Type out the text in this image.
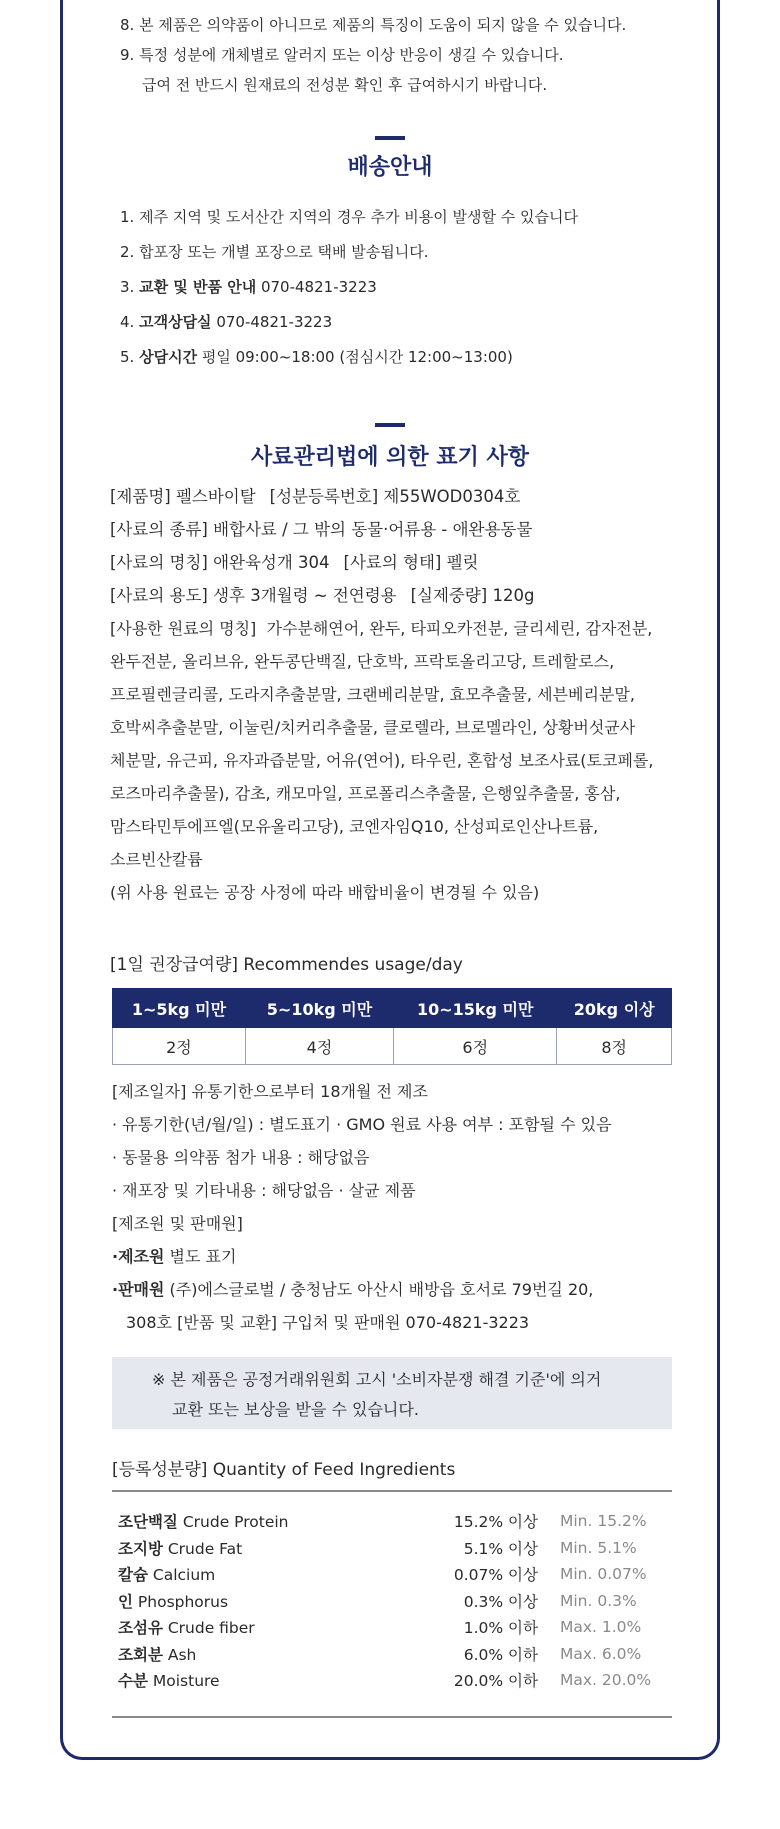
8. 본 제품은 의약품이 아니므로 제품의 특징이 도움이 되지 않을 수 있습니다.
9. 특정 성분에 개체별로 알러지 또는 이상 반응이 생길 수 있습니다.
급여 전 반드시 원재료의 전성분 확인 후 급여하시기 바랍니다.
배송안내
1. 제주 지역 및 도서산간 지역의 경우 추가 비용이 발생할 수 있습니다
2. 합포장 또는 개별 포장으로 택배 발송됩니다.
3. 교환 및 반품 안내 070-4821-3223
4. 고객상담실 070-4821-3223
5. 상담시간 평일 09:00~18:00 (점심시간 12:00~13:00)
사료관리법에 의한 표기 사항
[제품명] 펠스바이탈 [성분등록번호] 제55WOD0304호
[사료의 종류] 배합사료 / 그 밖의 동물·어류용 - 애완용동물
[사료의 명칭] 애완육성개 304 [사료의 형태] 펠릿
[사료의 용도] 생후 3개월령 ~ 전연령용 [실제중량] 120g
[사용한 원료의 명칭] 가수분해연어, 완두, 타피오카전분, 글리세린, 감자전분,
완두전분, 올리브유, 완두콩단백질, 단호박, 프락토올리고당, 트레할로스,
프로필렌글리콜, 도라지추출분말, 크랜베리분말, 효모추출물, 세븐베리분말,
호박씨추출분말, 이눌린/치커리추출물, 클로렐라, 브로멜라인, 상황버섯균사
체분말, 유근피, 유자과즙분말, 어유(연어), 타우린, 혼합성 보조사료(토코페롤,
로즈마리추출물), 감초, 캐모마일, 프로폴리스추출물, 은행잎추출물, 홍삼,
맘스타민투에프엘(모유올리고당), 코엔자임Q10, 산성피로인산나트륨,
소르빈산칼륨
(위 사용 원료는 공장 사정에 따라 배합비율이 변경될 수 있음)
[1일 권장급여량] Recommendes usage/day
1~5kg 미만	5~10kg 미만	10~15kg 미만	20kg 이상
2정	4정	6정	8정
[제조일자] 유통기한으로부터 18개월 전 제조
· 유통기한(년/월/일) : 별도표기 · GMO 원료 사용 여부 : 포함될 수 있음
· 동물용 의약품 첨가 내용 : 해당없음
· 재포장 및 기타내용 : 해당없음 · 살균 제품
[제조원 및 판매원]
·제조원 별도 표기
·판매원 (주)에스글로벌 / 충청남도 아산시 배방읍 호서로 79번길 20,
308호 [반품 및 교환] 구입처 및 판매원 070-4821-3223
※ 본 제품은 공정거래위원회 고시 '소비자분쟁 해결 기준'에 의거
교환 또는 보상을 받을 수 있습니다.
[등록성분량] Quantity of Feed Ingredients
조단백질 Crude Protein	15.2% 이상	Min. 15.2%
조지방 Crude Fat	5.1% 이상	Min. 5.1%
칼슘 Calcium	0.07% 이상	Min. 0.07%
인 Phosphorus	0.3% 이상	Min. 0.3%
조섬유 Crude fiber	1.0% 이하	Max. 1.0%
조회분 Ash	6.0% 이하	Max. 6.0%
수분 Moisture	20.0% 이하	Max. 20.0%
